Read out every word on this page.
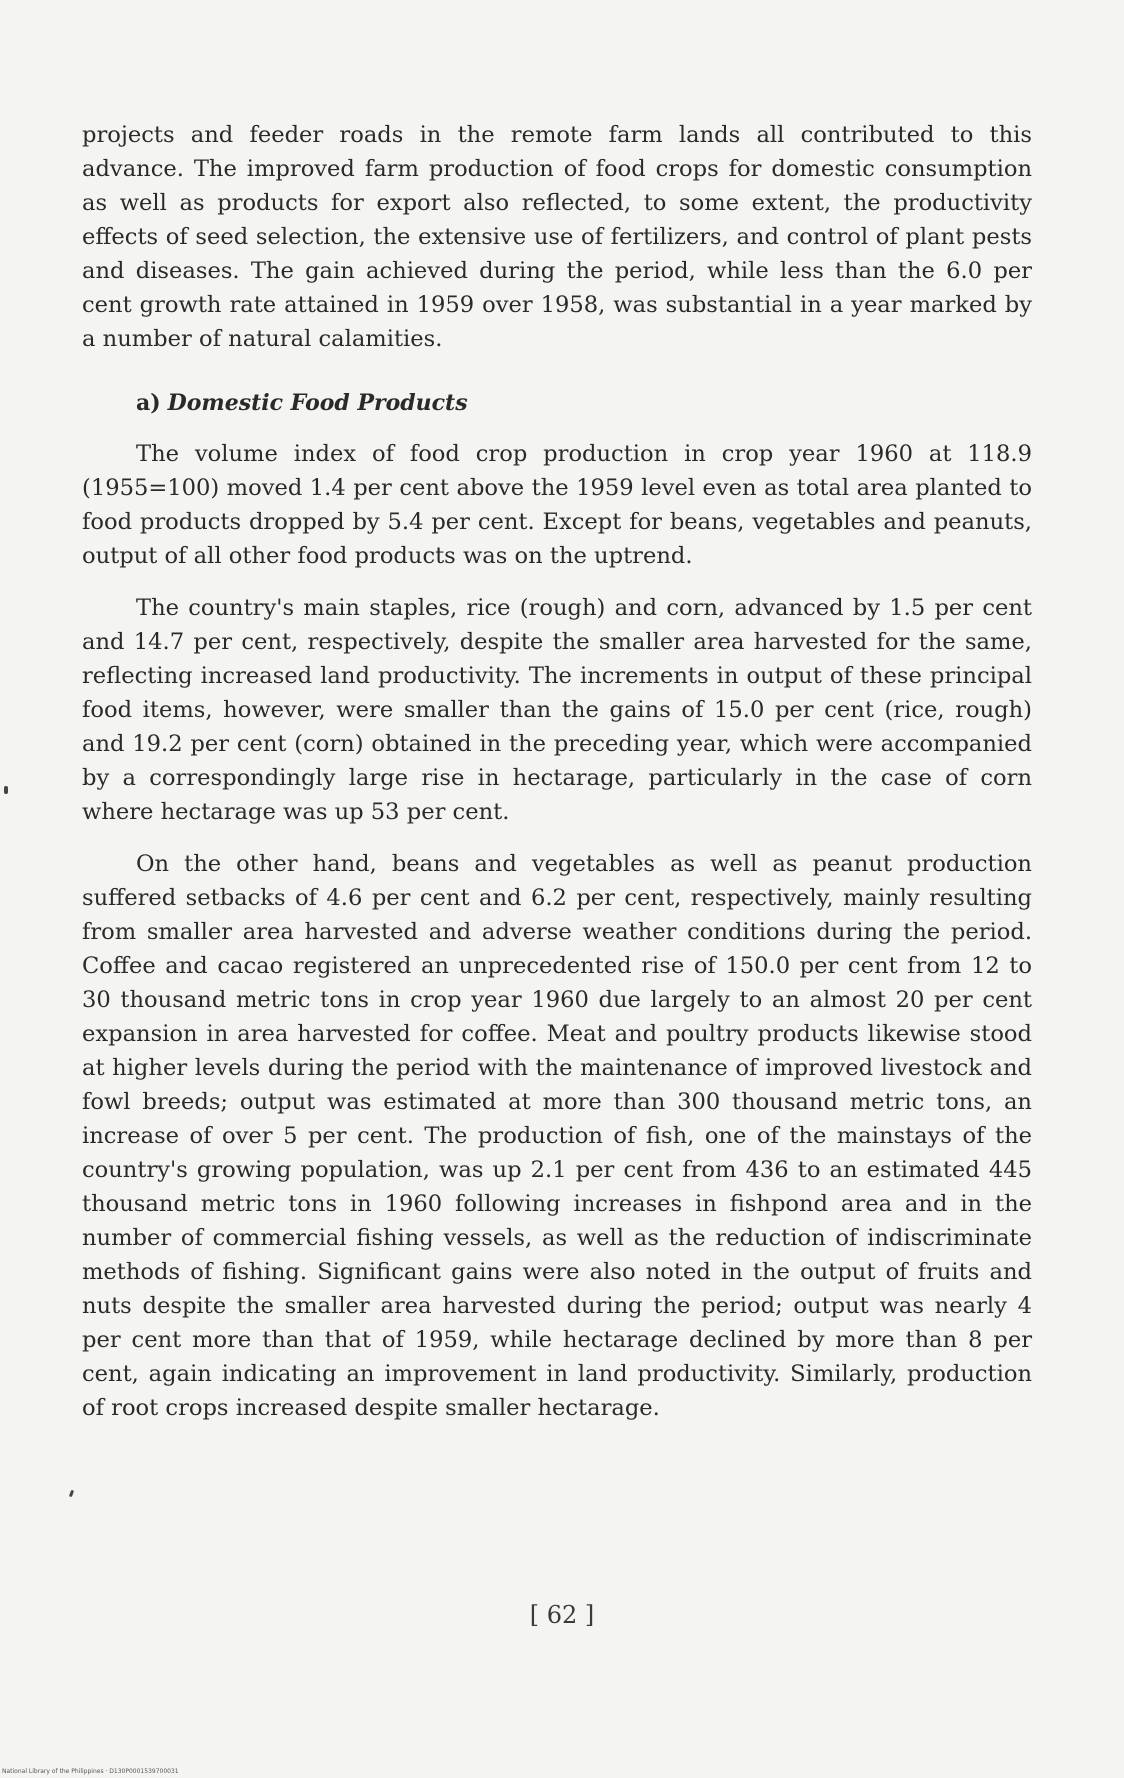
projects and feeder roads in the remote farm lands all contributed to this advance. The improved farm production of food crops for domestic consumption as well as products for export also reflected, to some extent, the productivity effects of seed selection, the extensive use of fertilizers, and control of plant pests and diseases. The gain achieved during the period, while less than the 6.0 per cent growth rate attained in 1959 over 1958, was substantial in a year marked by a number of natural calamities.

a) Domestic Food Products

The volume index of food crop production in crop year 1960 at 118.9 (1955=100) moved 1.4 per cent above the 1959 level even as total area planted to food products dropped by 5.4 per cent. Except for beans, vegetables and peanuts, output of all other food products was on the uptrend.

The country's main staples, rice (rough) and corn, advanced by 1.5 per cent and 14.7 per cent, respectively, despite the smaller area harvested for the same, reflecting increased land productivity. The increments in output of these principal food items, however, were smaller than the gains of 15.0 per cent (rice, rough) and 19.2 per cent (corn) obtained in the preceding year, which were accompanied by a correspondingly large rise in hectarage, particularly in the case of corn where hectarage was up 53 per cent.

On the other hand, beans and vegetables as well as peanut production suffered setbacks of 4.6 per cent and 6.2 per cent, respectively, mainly resulting from smaller area harvested and adverse weather conditions during the period. Coffee and cacao registered an unprecedented rise of 150.0 per cent from 12 to 30 thousand metric tons in crop year 1960 due largely to an almost 20 per cent expansion in area harvested for coffee. Meat and poultry products likewise stood at higher levels during the period with the maintenance of improved livestock and fowl breeds; output was estimated at more than 300 thousand metric tons, an increase of over 5 per cent. The production of fish, one of the mainstays of the country's growing population, was up 2.1 per cent from 436 to an estimated 445 thousand metric tons in 1960 following increases in fishpond area and in the number of commercial fishing vessels, as well as the reduction of indiscriminate methods of fishing. Significant gains were also noted in the output of fruits and nuts despite the smaller area harvested during the period; output was nearly 4 per cent more than that of 1959, while hectarage declined by more than 8 per cent, again indicating an improvement in land productivity. Similarly, production of root crops increased despite smaller hectarage.

[ 62 ]
National Library of the Philippines · D130P0001539700031
